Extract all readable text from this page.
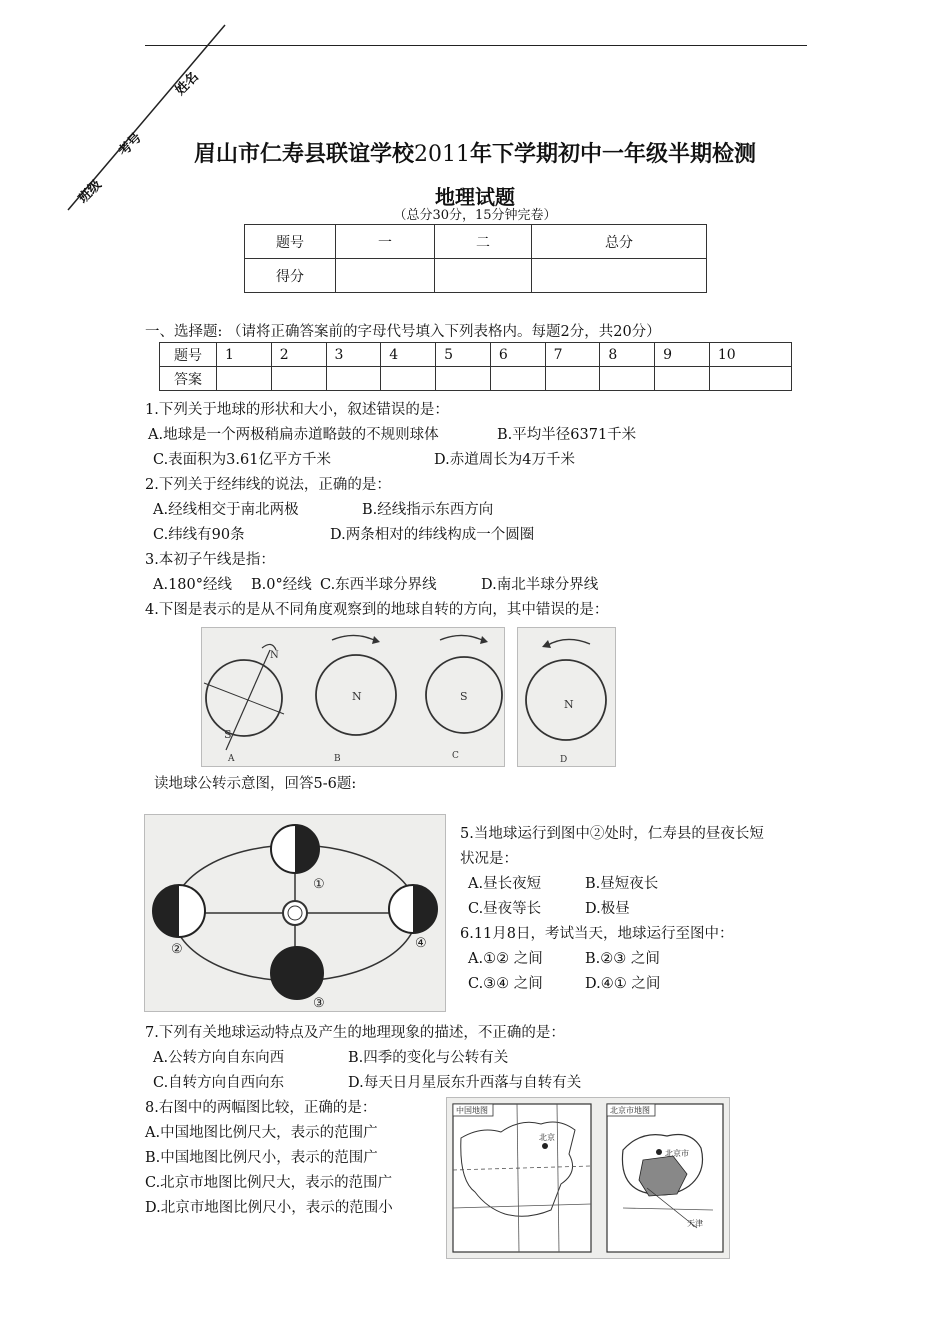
姓名
考号
班级
眉山市仁寿县联谊学校2011年下学期初中一年级半期检测
地理试题
（总分30分，15分钟完卷）
题号	一	二	总分
得分			
一、选择题: （请将正确答案前的字母代号填入下列表格内。每题2分，共20分）
题号	1	2	3	4	5	6	7	8	9	10
答案										
1.下列关于地球的形状和大小，叙述错误的是：
A.地球是一个两极稍扁赤道略鼓的不规则球体	B.平均半径6371千米
C.表面积为3.61亿平方千米	D.赤道周长为4万千米
2.下列关于经纬线的说法，正确的是：
A.经线相交于南北两极	B.经线指示东西方向
C.纬线有90条	D.两条相对的纬线构成一个圆圈
3.本初子午线是指：
A.180°经线 B.0°经线 C.东西半球分界线	D.南北半球分界线
4.下图是表示的是从不同角度观察到的地球自转的方向，其中错误的是：
N
S
A
N
B
S
C
N
D
读地球公转示意图，回答5-6题:
①
②
③
④
5.当地球运行到图中②处时，仁寿县的昼夜长短
状况是：
A.昼长夜短	B.昼短夜长
C.昼夜等长	D.极昼
6.11月8日，考试当天，地球运行至图中：
A.①② 之间	B.②③ 之间
C.③④ 之间	D.④① 之间
7.下列有关地球运动特点及产生的地理现象的描述，不正确的是：
A.公转方向自东向西	B.四季的变化与公转有关
C.自转方向自西向东	D.每天日月星辰东升西落与自转有关
8.右图中的两幅图比较，正确的是：
A.中国地图比例尺大，表示的范围广
B.中国地图比例尺小，表示的范围广
C.北京市地图比例尺大，表示的范围广
D.北京市地图比例尺小，表示的范围小
中国地图
北京
北京市地图
北京市
天津
